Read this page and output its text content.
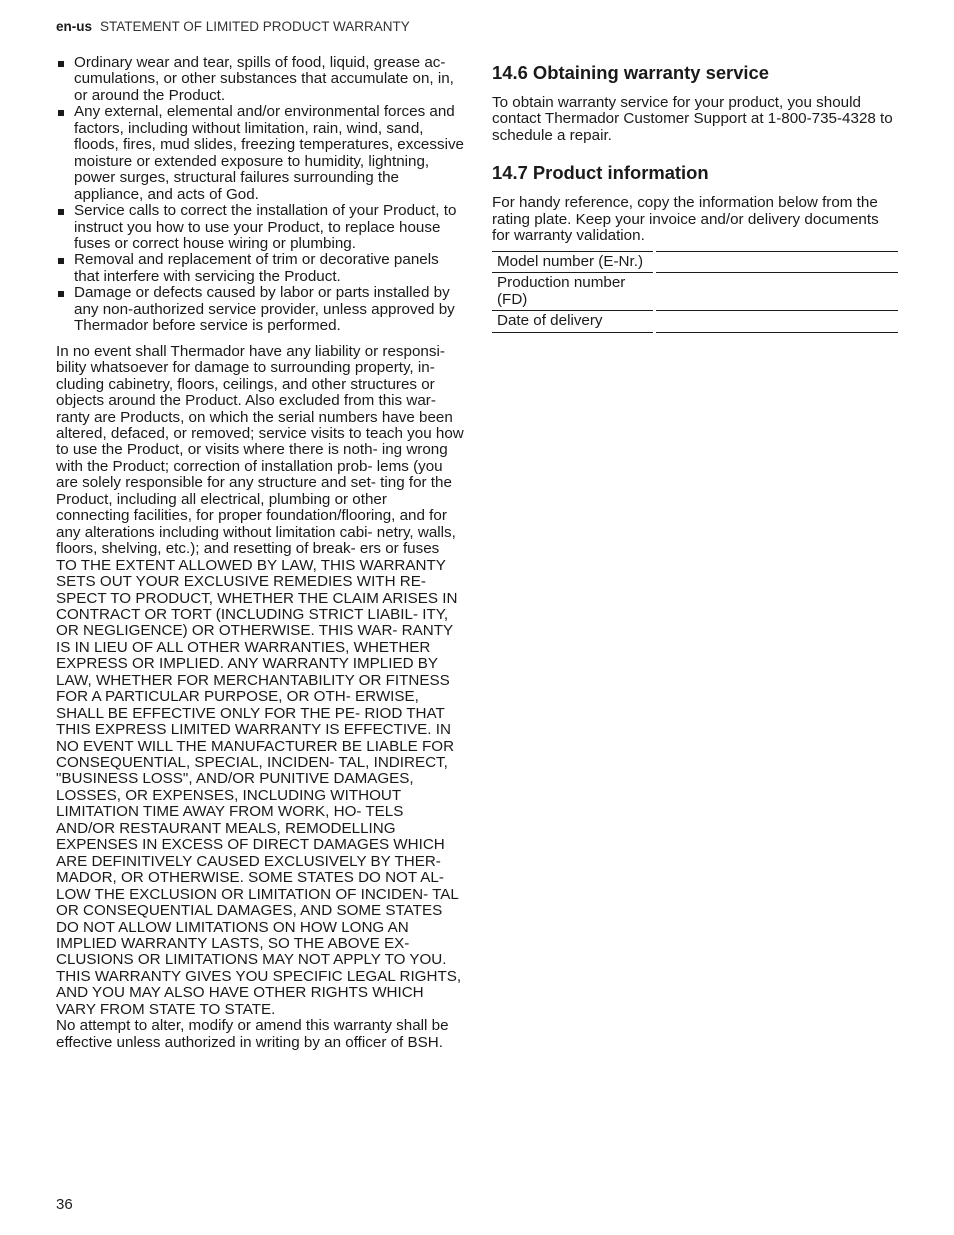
en-us STATEMENT OF LIMITED PRODUCT WARRANTY
Ordinary wear and tear, spills of food, liquid, grease ac- cumulations, or other substances that accumulate on, in, or around the Product.
Any external, elemental and/or environmental forces and factors, including without limitation, rain, wind, sand, floods, fires, mud slides, freezing temperatures, excessive moisture or extended exposure to humidity, lightning, power surges, structural failures surrounding the appliance, and acts of God.
Service calls to correct the installation of your Product, to instruct you how to use your Product, to replace house fuses or correct house wiring or plumbing.
Removal and replacement of trim or decorative panels that interfere with servicing the Product.
Damage or defects caused by labor or parts installed by any non-authorized service provider, unless approved by Thermador before service is performed.

In no event shall Thermador have any liability or responsi- bility whatsoever for damage to surrounding property, in- cluding cabinetry, floors, ceilings, and other structures or objects around the Product. Also excluded from this war- ranty are Products, on which the serial numbers have been altered, defaced, or removed; service visits to teach you how to use the Product, or visits where there is noth- ing wrong with the Product; correction of installation prob- lems (you are solely responsible for any structure and set- ting for the Product, including all electrical, plumbing or other connecting facilities, for proper foundation/flooring, and for any alterations including without limitation cabi- netry, walls, floors, shelving, etc.); and resetting of break- ers or fuses

TO THE EXTENT ALLOWED BY LAW, THIS WARRANTY SETS OUT YOUR EXCLUSIVE REMEDIES WITH RE- SPECT TO PRODUCT, WHETHER THE CLAIM ARISES IN CONTRACT OR TORT (INCLUDING STRICT LIABIL- ITY, OR NEGLIGENCE) OR OTHERWISE. THIS WAR- RANTY IS IN LIEU OF ALL OTHER WARRANTIES, WHETHER EXPRESS OR IMPLIED. ANY WARRANTY IMPLIED BY LAW, WHETHER FOR MERCHANTABILITY OR FITNESS FOR A PARTICULAR PURPOSE, OR OTH- ERWISE, SHALL BE EFFECTIVE ONLY FOR THE PE- RIOD THAT THIS EXPRESS LIMITED WARRANTY IS EFFECTIVE. IN NO EVENT WILL THE MANUFACTURER BE LIABLE FOR CONSEQUENTIAL, SPECIAL, INCIDEN- TAL, INDIRECT, "BUSINESS LOSS", AND/OR PUNITIVE DAMAGES, LOSSES, OR EXPENSES, INCLUDING WITHOUT LIMITATION TIME AWAY FROM WORK, HO- TELS AND/OR RESTAURANT MEALS, REMODELLING EXPENSES IN EXCESS OF DIRECT DAMAGES WHICH ARE DEFINITIVELY CAUSED EXCLUSIVELY BY THER- MADOR, OR OTHERWISE. SOME STATES DO NOT AL- LOW THE EXCLUSION OR LIMITATION OF INCIDEN- TAL OR CONSEQUENTIAL DAMAGES, AND SOME STATES DO NOT ALLOW LIMITATIONS ON HOW LONG AN IMPLIED WARRANTY LASTS, SO THE ABOVE EX- CLUSIONS OR LIMITATIONS MAY NOT APPLY TO YOU. THIS WARRANTY GIVES YOU SPECIFIC LEGAL RIGHTS, AND YOU MAY ALSO HAVE OTHER RIGHTS WHICH VARY FROM STATE TO STATE.

No attempt to alter, modify or amend this warranty shall be effective unless authorized in writing by an officer of BSH.

14.6 Obtaining warranty service

To obtain warranty service for your product, you should contact Thermador Customer Support at 1-800-735-4328 to schedule a repair.

14.7 Product information

For handy reference, copy the information below from the rating plate. Keep your invoice and/or delivery documents for warranty validation.

Model number (E-Nr.)	
Production number (FD)	
Date of delivery	
36
